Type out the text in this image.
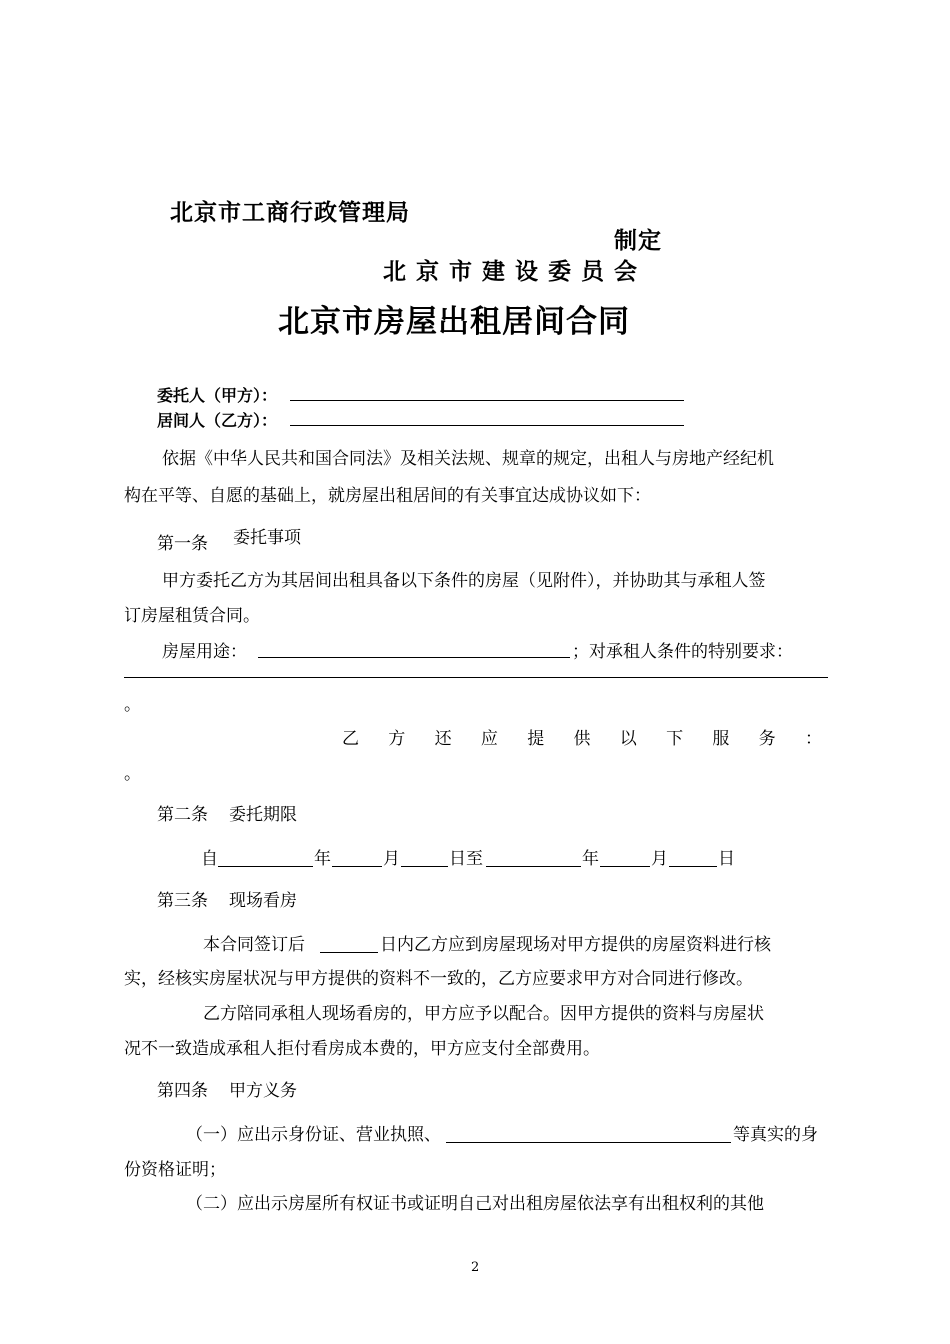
北京市工商行政管理局
制定
北 京 市 建 设 委 员 会
北京市房屋出租居间合同
委托人（甲方）：
居间人（乙方）：
依据《中华人民共和国合同法》及相关法规、规章的规定，出租人与房地产经纪机
构在平等、自愿的基础上，就房屋出租居间的有关事宜达成协议如下：
第一条 委托事项
甲方委托乙方为其居间出租具备以下条件的房屋（见附件），并协助其与承租人签
订房屋租赁合同。
房屋用途：	；对承租人条件的特别要求：
。
乙 方 还 应 提 供 以 下 服 务 ：
。
第二条 委托期限
自	年	月	日至	年	月	日
第三条 现场看房
本合同签订后	日内乙方应到房屋现场对甲方提供的房屋资料进行核
实，经核实房屋状况与甲方提供的资料不一致的，乙方应要求甲方对合同进行修改。
乙方陪同承租人现场看房的，甲方应予以配合。因甲方提供的资料与房屋状
况不一致造成承租人拒付看房成本费的，甲方应支付全部费用。
第四条 甲方义务
（一）应出示身份证、营业执照、	等真实的身
份资格证明；
（二）应出示房屋所有权证书或证明自己对出租房屋依法享有出租权利的其他
2
